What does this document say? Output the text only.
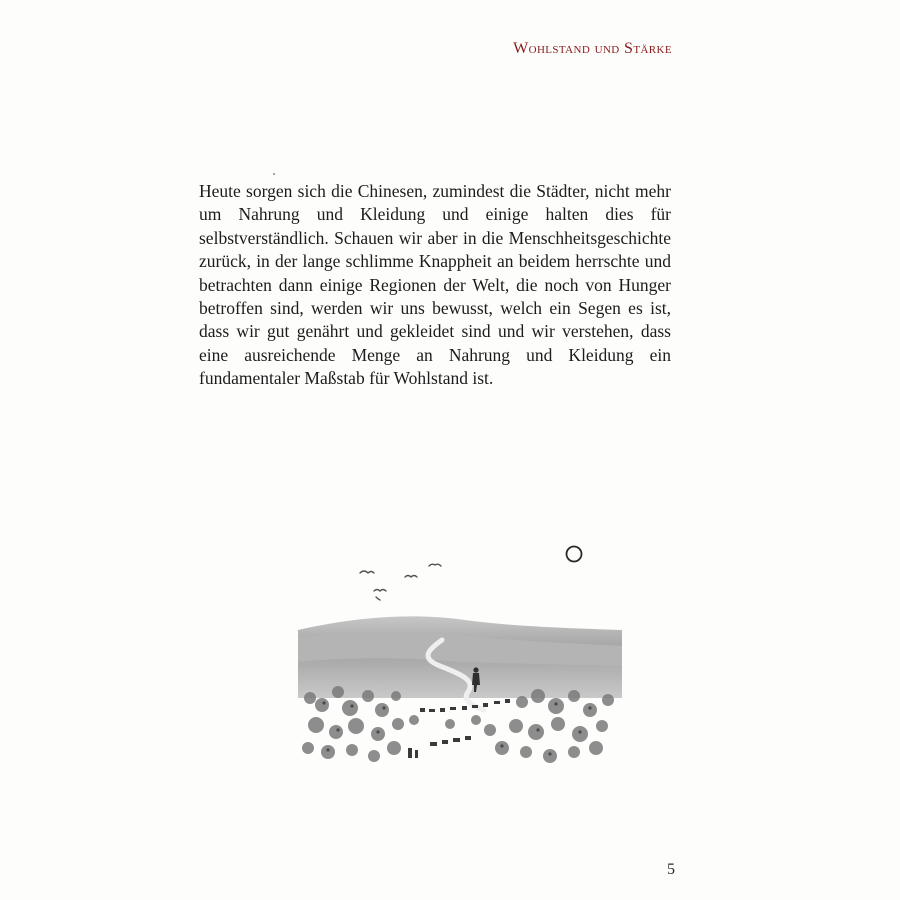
Wohlstand und Stärke

Heute sorgen sich die Chinesen, zumindest die Städter, nicht mehr um Nahrung und Kleidung und einige halten dies für selbstverständlich. Schauen wir aber in die Menschheitsgeschichte zurück, in der lange schlimme Knappheit an beidem herrschte und betrachten dann einige Regionen der Welt, die noch von Hunger betroffen sind, werden wir uns bewusst, welch ein Segen es ist, dass wir gut genährt und gekleidet sind und wir verstehen, dass eine ausreichende Menge an Nahrung und Kleidung ein fundamentaler Maßstab für Wohlstand ist.

5
